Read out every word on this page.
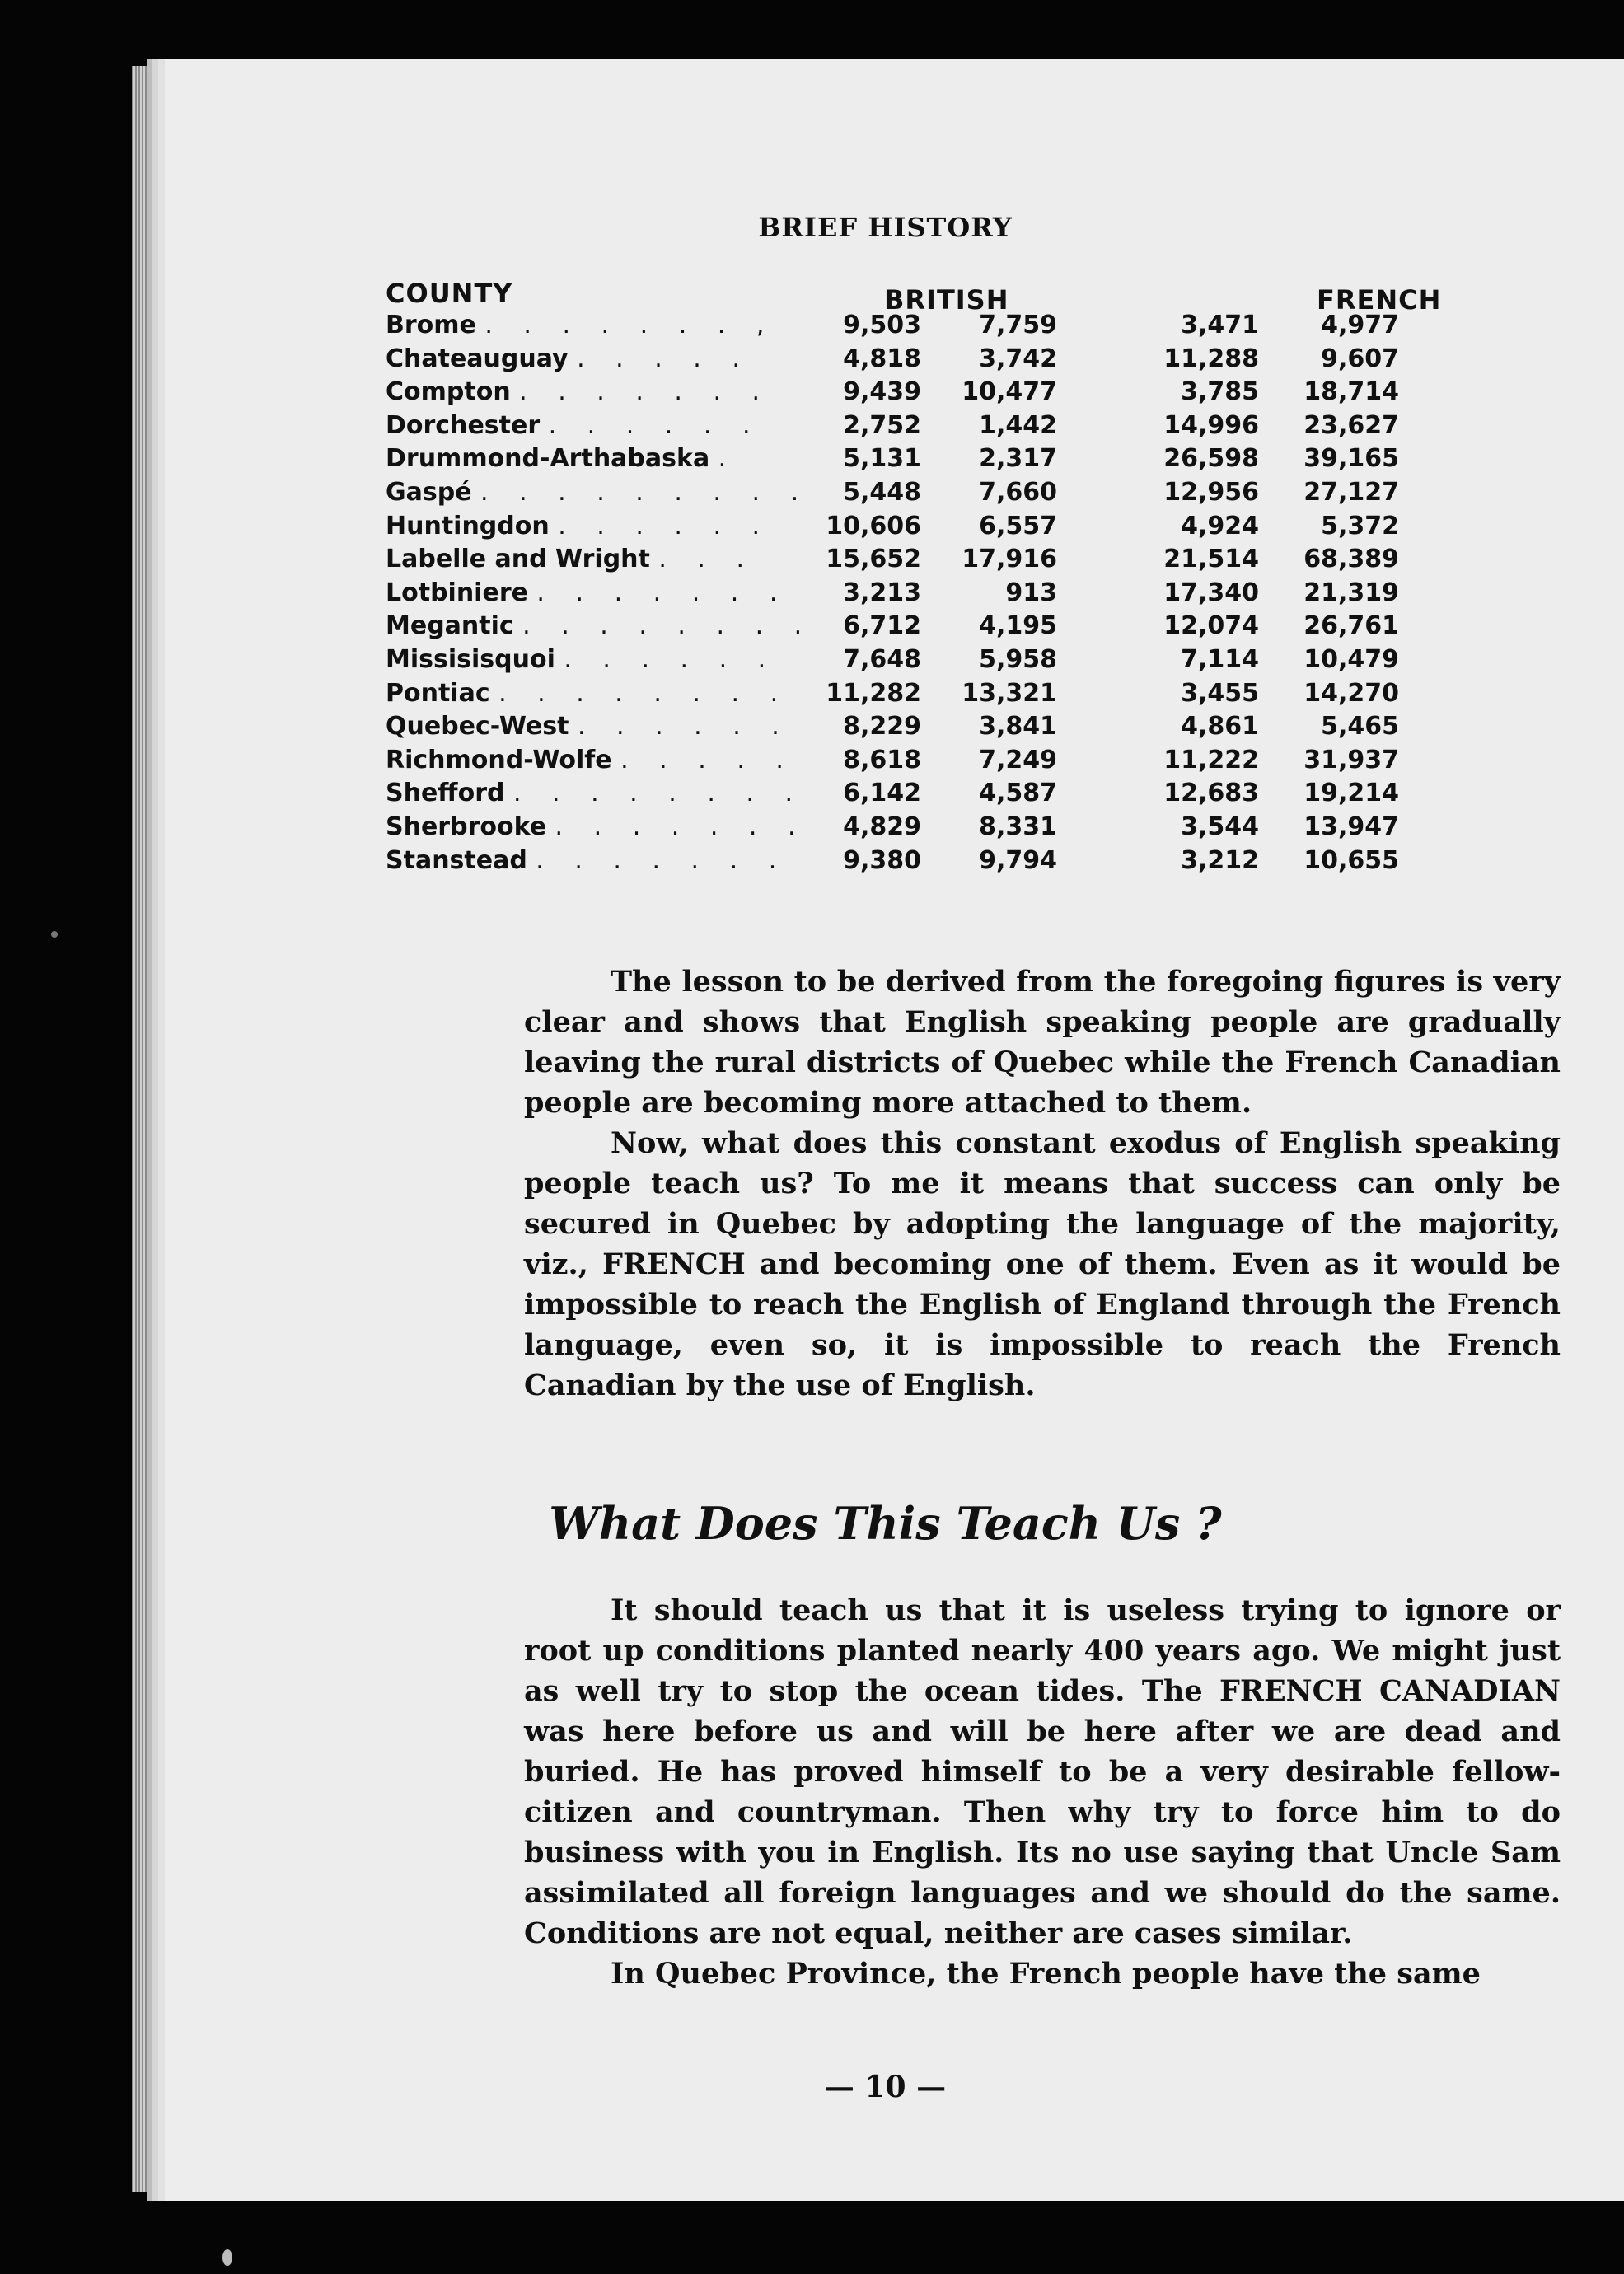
BRIEF HISTORY
COUNTY	BRITISH	FRENCH
Brome . . . . . . . ,	9,503	7,759	3,471	4,977
Chateauguay . . . . .	4,818	3,742	11,288	9,607
Compton . . . . . . .	9,439	10,477	3,785	18,714
Dorchester . . . . . .	2,752	1,442	14,996	23,627
Drummond-Arthabaska .	5,131	2,317	26,598	39,165
Gaspé . . . . . . . . .	5,448	7,660	12,956	27,127
Huntingdon . . . . . .	10,606	6,557	4,924	5,372
Labelle and Wright . . .	15,652	17,916	21,514	68,389
Lotbiniere . . . . . . .	3,213	913	17,340	21,319
Megantic . . . . . . . .	6,712	4,195	12,074	26,761
Missisisquoi . . . . . .	7,648	5,958	7,114	10,479
Pontiac . . . . . . . .	11,282	13,321	3,455	14,270
Quebec-West . . . . . .	8,229	3,841	4,861	5,465
Richmond-Wolfe . . . . .	8,618	7,249	11,222	31,937
Shefford . . . . . . . .	6,142	4,587	12,683	19,214
Sherbrooke . . . . . . .	4,829	8,331	3,544	13,947
Stanstead . . . . . . .	9,380	9,794	3,212	10,655

The lesson to be derived from the foregoing figures is very clear and shows that English speaking people are gradually leaving the rural districts of Quebec while the French Canadian people are becoming more attached to them.

Now, what does this constant exodus of English speaking people teach us? To me it means that success can only be secured in Quebec by adopting the language of the majority, viz., FRENCH and becoming one of them. Even as it would be impossible to reach the English of England through the French language, even so, it is impossible to reach the French Canadian by the use of English.

What Does This Teach Us ?

It should teach us that it is useless trying to ignore or root up conditions planted nearly 400 years ago. We might just as well try to stop the ocean tides. The FRENCH CANADIAN was here before us and will be here after we are dead and buried. He has proved himself to be a very desirable fellow-citizen and countryman. Then why try to force him to do business with you in English. Its no use saying that Uncle Sam assimilated all foreign languages and we should do the same. Conditions are not equal, neither are cases similar.

In Quebec Province, the French people have the same

— 10 —
